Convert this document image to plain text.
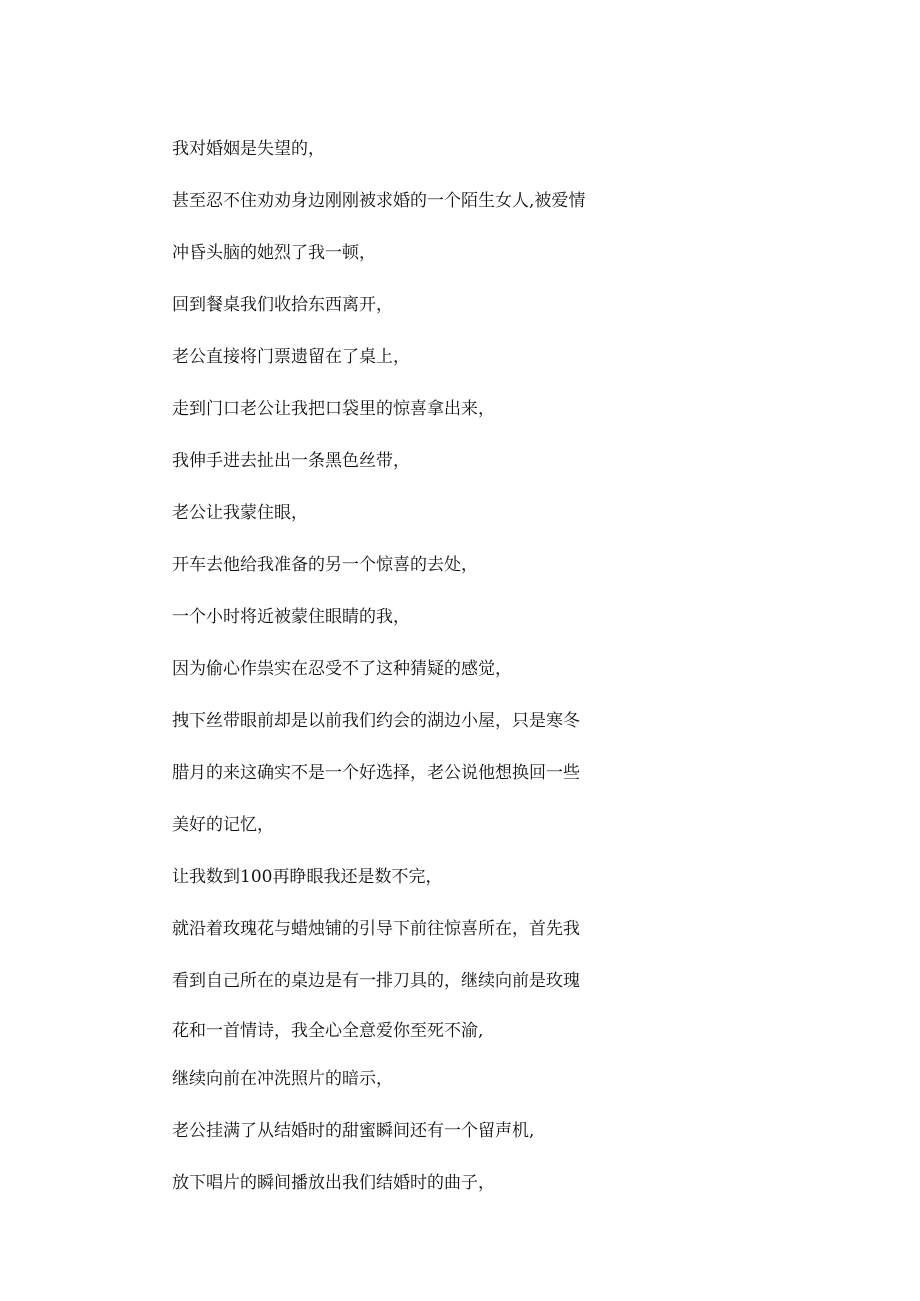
我对婚姻是失望的，

甚至忍不住劝劝身边刚刚被求婚的一个陌生女人,被爱情

冲昏头脑的她烈了我一顿，

回到餐桌我们收拾东西离开，

老公直接将门票遗留在了桌上，

走到门口老公让我把口袋里的惊喜拿出来，

我伸手进去扯出一条黑色丝带，

老公让我蒙住眼，

开车去他给我准备的另一个惊喜的去处，

一个小时将近被蒙住眼睛的我，

因为偷心作祟实在忍受不了这种猜疑的感觉，

拽下丝带眼前却是以前我们约会的湖边小屋，只是寒冬

腊月的来这确实不是一个好选择，老公说他想换回一些

美好的记忆，

让我数到100再睁眼我还是数不完，

就沿着玫瑰花与蜡烛铺的引导下前往惊喜所在，首先我

看到自己所在的桌边是有一排刀具的，继续向前是玫瑰

花和一首情诗，我全心全意爱你至死不渝,

继续向前在冲洗照片的暗示，

老公挂满了从结婚时的甜蜜瞬间还有一个留声机,

放下唱片的瞬间播放出我们结婚时的曲子，
